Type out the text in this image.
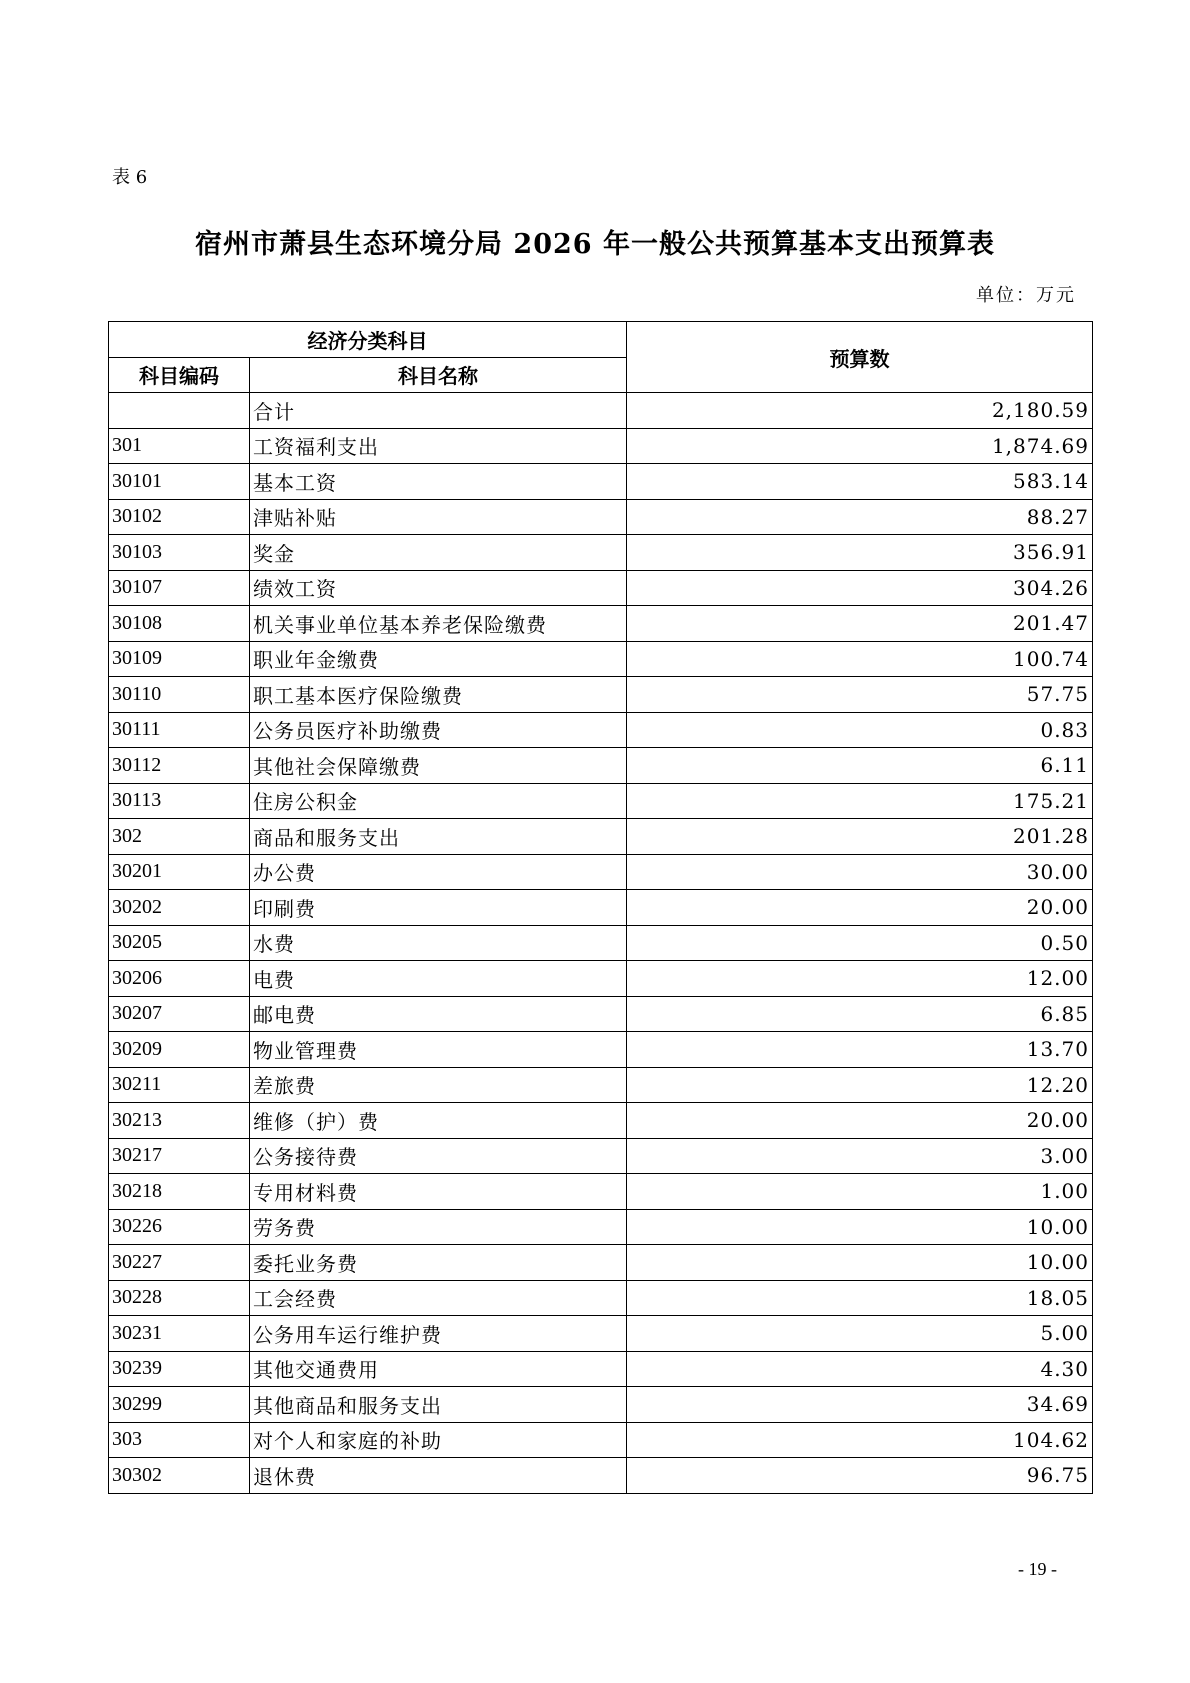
表 6
宿州市萧县生态环境分局 2026 年一般公共预算基本支出预算表
单位：万元
经济分类科目		预算数
科目编码	科目名称	
	合计	2,180.59
301	工资福利支出	1,874.69
30101	基本工资	583.14
30102	津贴补贴	88.27
30103	奖金	356.91
30107	绩效工资	304.26
30108	机关事业单位基本养老保险缴费	201.47
30109	职业年金缴费	100.74
30110	职工基本医疗保险缴费	57.75
30111	公务员医疗补助缴费	0.83
30112	其他社会保障缴费	6.11
30113	住房公积金	175.21
302	商品和服务支出	201.28
30201	办公费	30.00
30202	印刷费	20.00
30205	水费	0.50
30206	电费	12.00
30207	邮电费	6.85
30209	物业管理费	13.70
30211	差旅费	12.20
30213	维修（护）费	20.00
30217	公务接待费	3.00
30218	专用材料费	1.00
30226	劳务费	10.00
30227	委托业务费	10.00
30228	工会经费	18.05
30231	公务用车运行维护费	5.00
30239	其他交通费用	4.30
30299	其他商品和服务支出	34.69
303	对个人和家庭的补助	104.62
30302	退休费	96.75
- 19 -
